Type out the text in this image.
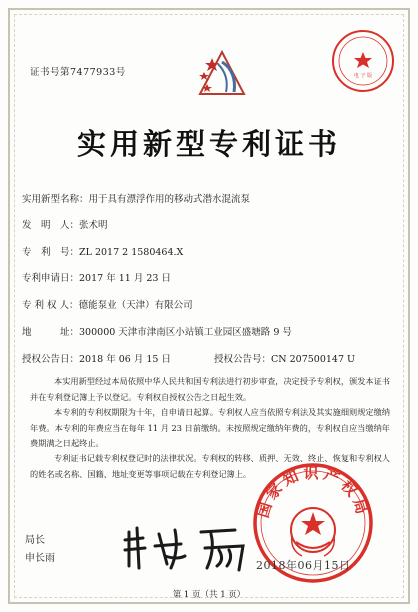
证书号第7477933号	电 子 版
实用新型专利证书
实用新型名称：用于具有漂浮作用的移动式潜水混流泵
发　明　人：张术明
专　利　号：ZL 2017 2 1580464.X
专利申请日：2017 年 11 月 23 日
专 利 权 人：德能泵业（天津）有限公司
地　　　址：300000 天津市津南区小站镇工业园区盛塘路 9 号
授权公告日：2018 年 06 月 15 日	授权公告号：CN 207500147 U
本实用新型经过本局依照中华人民共和国专利法进行初步审查，决定授予专利权，颁发本证书并在专利登记簿上予以登记。专利权自授权公告之日起生效。
本专利的专利权期限为十年，自申请日起算。专利权人应当依照专利法及其实施细则规定缴纳年费。本专利的年费应当在每年 11 月 23 日前缴纳。未按照规定缴纳年费的，专利权自应当缴纳年费期满之日起终止。
专利证书记载专利权登记时的法律状况。专利权的转移、质押、无效、终止、恢复和专利权人的姓名或名称、国籍、地址变更等事项记载在专利登记簿上。
国家知识产权局
2018年06月15日
局长
申长雨
第 1 页（共 1 页）
